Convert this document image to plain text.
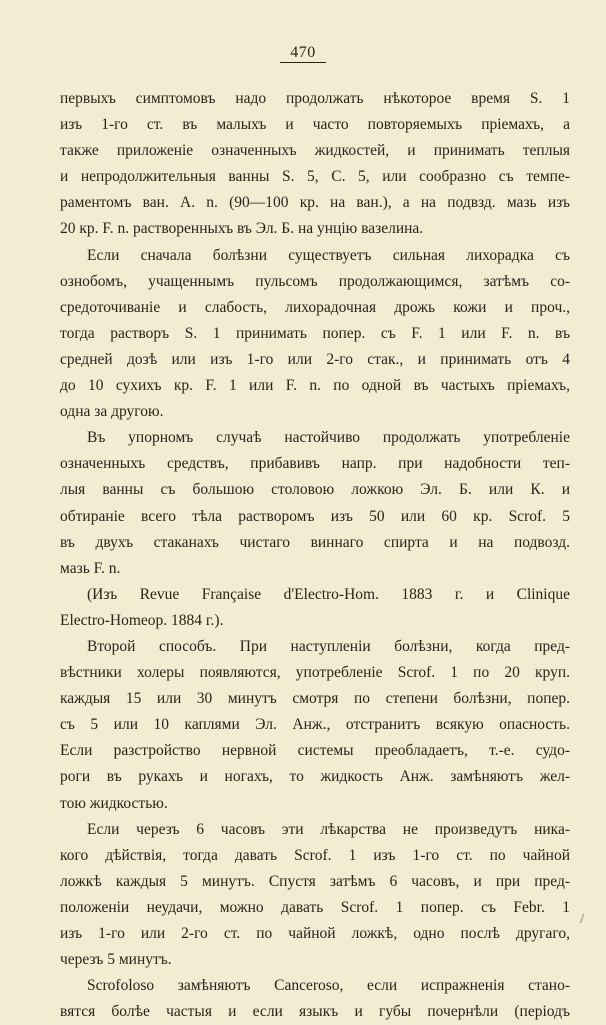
470
первыхъ симптомовъ надо продолжать нѣкоторое время S. 1
изъ 1-го ст. въ малыхъ и часто повторяемыхъ пріемахъ, а
также приложеніе означенныхъ жидкостей, и принимать теплыя
и непродолжительныя ванны S. 5, C. 5, или сообразно съ темпе-
раментомъ ван. A. n. (90—100 кр. на ван.), а на подвзд. мазь изъ
20 кр. F. n. растворенныхъ въ Эл. Б. на унцію вазелина.
Если сначала болѣзни существуетъ сильная лихорадка съ
ознобомъ, учащеннымъ пульсомъ продолжающимся, затѣмъ со-
средоточиваніе и слабость, лихорадочная дрожь кожи и проч.,
тогда растворъ S. 1 принимать попер. съ F. 1 или F. n. въ
средней дозѣ или изъ 1-го или 2-го стак., и принимать отъ 4
до 10 сухихъ кр. F. 1 или F. n. по одной въ частыхъ пріемахъ,
одна за другою.
Въ упорномъ случаѣ настойчиво продолжать употребленіе
означенныхъ средствъ, прибавивъ напр. при надобности теп-
лыя ванны съ большою столовою ложкою Эл. Б. или К. и
обтираніе всего тѣла растворомъ изъ 50 или 60 кр. Scrof. 5
въ двухъ стаканахъ чистаго виннаго спирта и на подвозд.
мазь F. n.
(Изъ Revue Française d'Electro-Hom. 1883 г. и Clinique
Electro-Homeop. 1884 г.).
Второй способъ. При наступленіи болѣзни, когда пред-
вѣстники холеры появляются, употребленіе Scrof. 1 по 20 круп.
каждыя 15 или 30 минутъ смотря по степени болѣзни, попер.
съ 5 или 10 каплями Эл. Анж., отстранитъ всякую опасность.
Если разстройство нервной системы преобладаетъ, т.-е. судо-
роги въ рукахъ и ногахъ, то жидкость Анж. замѣняютъ жел-
тою жидкостью.
Если черезъ 6 часовъ эти лѣкарства не произведутъ ника-
кого дѣйствія, тогда давать Scrof. 1 изъ 1-го ст. по чайной
ложкѣ каждыя 5 минутъ. Спустя затѣмъ 6 часовъ, и при пред-
положеніи неудачи, можно давать Scrof. 1 попер. съ Febr. 1
изъ 1-го или 2-го ст. по чайной ложкѣ, одно послѣ другаго,
черезъ 5 минутъ.
Scrofoloso замѣняютъ Canceroso, если испражненія стано-
вятся болѣе частыя и если языкъ и губы почернѣли (періодъ
/
